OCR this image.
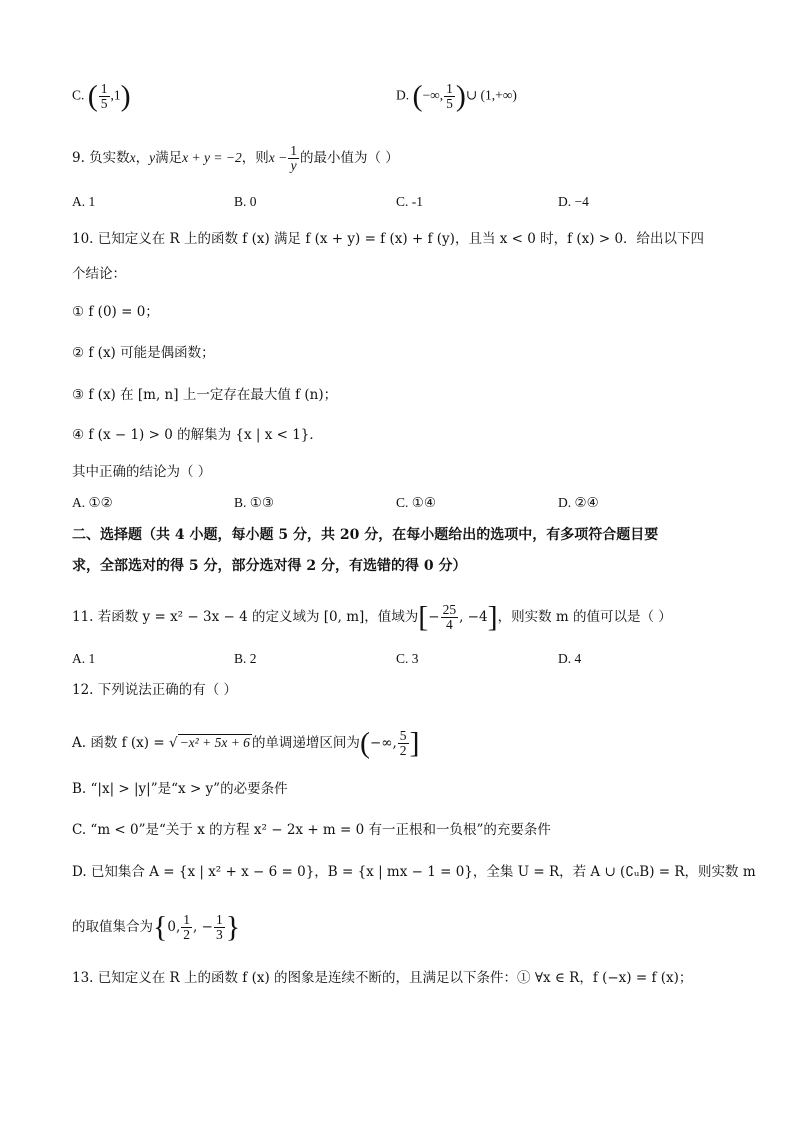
C. ( $\frac{1}{5} ,1$)	D. (−∞, $\frac{1}{5}$ )∪ (1,+∞)
9. 负实数x，y满足x + y = −2，则$x - \frac{1}{y}$ 的最小值为（ ）
A. 1	B. 0	C. -1	D. −4
10. 已知定义在 R 上的函数 f (x) 满足 f (x + y) = f (x) + f (y)，且当 x < 0 时，f (x) > 0．给出以下四
个结论：
① f (0) = 0；
② f (x) 可能是偶函数；
③ f (x) 在 [m, n] 上一定存在最大值 f (n)；
④ f (x − 1) > 0 的解集为 {x | x < 1}．
其中正确的结论为（ ）
A. ①②	B. ①③	C. ①④	D. ②④
二、选择题（共 4 小题，每小题 5 分，共 20 分，在每小题给出的选项中，有多项符合题目要
求，全部选对的得 5 分，部分选对得 2 分，有选错的得 0 分）
11. 若函数 y = x² − 3x − 4 的定义域为 [0, m]，值域为[− $\frac{25}{4}$ , −4]，则实数 m 的值可以是（ ）
A. 1	B. 2	C. 3	D. 4
12. 下列说法正确的有（ ）
A. 函数 f (x) = √ −x² + 5x + 6 的单调递增区间为(−∞, $\frac{5}{2}$ ]
B. “|x| > |y|”是“x > y”的必要条件
C. “m < 0”是“关于 x 的方程 x² − 2x + m = 0 有一正根和一负根”的充要条件
D. 已知集合 A = {x | x² + x − 6 = 0}，B = {x | mx − 1 = 0}，全集 U = R，若 A ∪ (∁ᵤB) = R，则实数 m
的取值集合为{0, $\frac{1}{2}$ , − $\frac{1}{3}$ }
13. 已知定义在 R 上的函数 f (x) 的图象是连续不断的，且满足以下条件：① ∀x ∈ R，f (−x) = f (x)；
